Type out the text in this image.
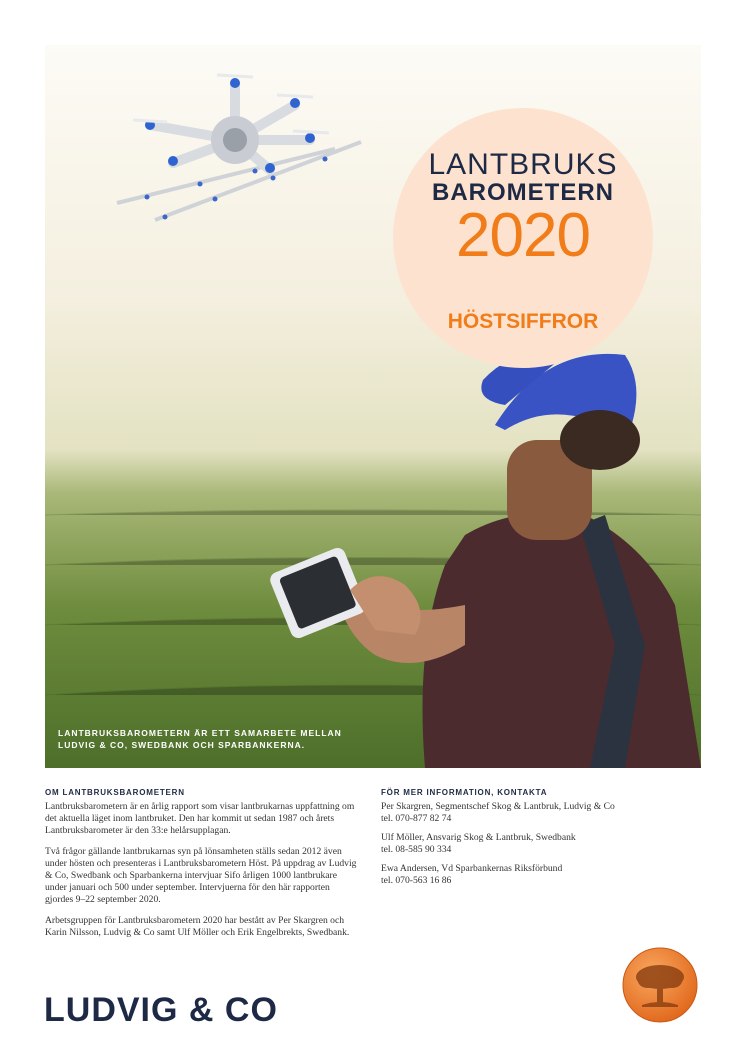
LANTBRUKS
BAROMETERN
2020
HÖSTSIFFROR
LANTBRUKSBAROMETERN ÄR ETT SAMARBETE MELLAN
LUDVIG & CO, SWEDBANK OCH SPARBANKERNA.
OM LANTBRUKSBAROMETERN

Lantbruksbarometern är en årlig rapport som visar lantbrukarnas uppfattning om det aktuella läget inom lantbruket. Den har kommit ut sedan 1987 och årets Lantbruksbarometer är den 33:e helårsupplagan.

Två frågor gällande lantbrukarnas syn på lönsamheten ställs sedan 2012 även under hösten och presenteras i Lantbruksbarometern Höst. På uppdrag av Ludvig & Co, Swedbank och Sparbankerna intervjuar Sifo årligen 1000 lantbrukare under januari och 500 under september. Intervjuerna för den här rapporten gjordes 9–22 september 2020.

Arbetsgruppen för Lantbruksbarometern 2020 har bestått av Per Skargren och Karin Nilsson, Ludvig & Co samt Ulf Möller och Erik Engelbrekts, Swedbank.

FÖR MER INFORMATION, KONTAKTA

Per Skargren, Segmentschef Skog & Lantbruk, Ludvig & Co
tel. 070-877 82 74

Ulf Möller, Ansvarig Skog & Lantbruk, Swedbank
tel. 08-585 90 334

Ewa Andersen, Vd Sparbankernas Riksförbund
tel. 070-563 16 86

LUDVIG & CO
